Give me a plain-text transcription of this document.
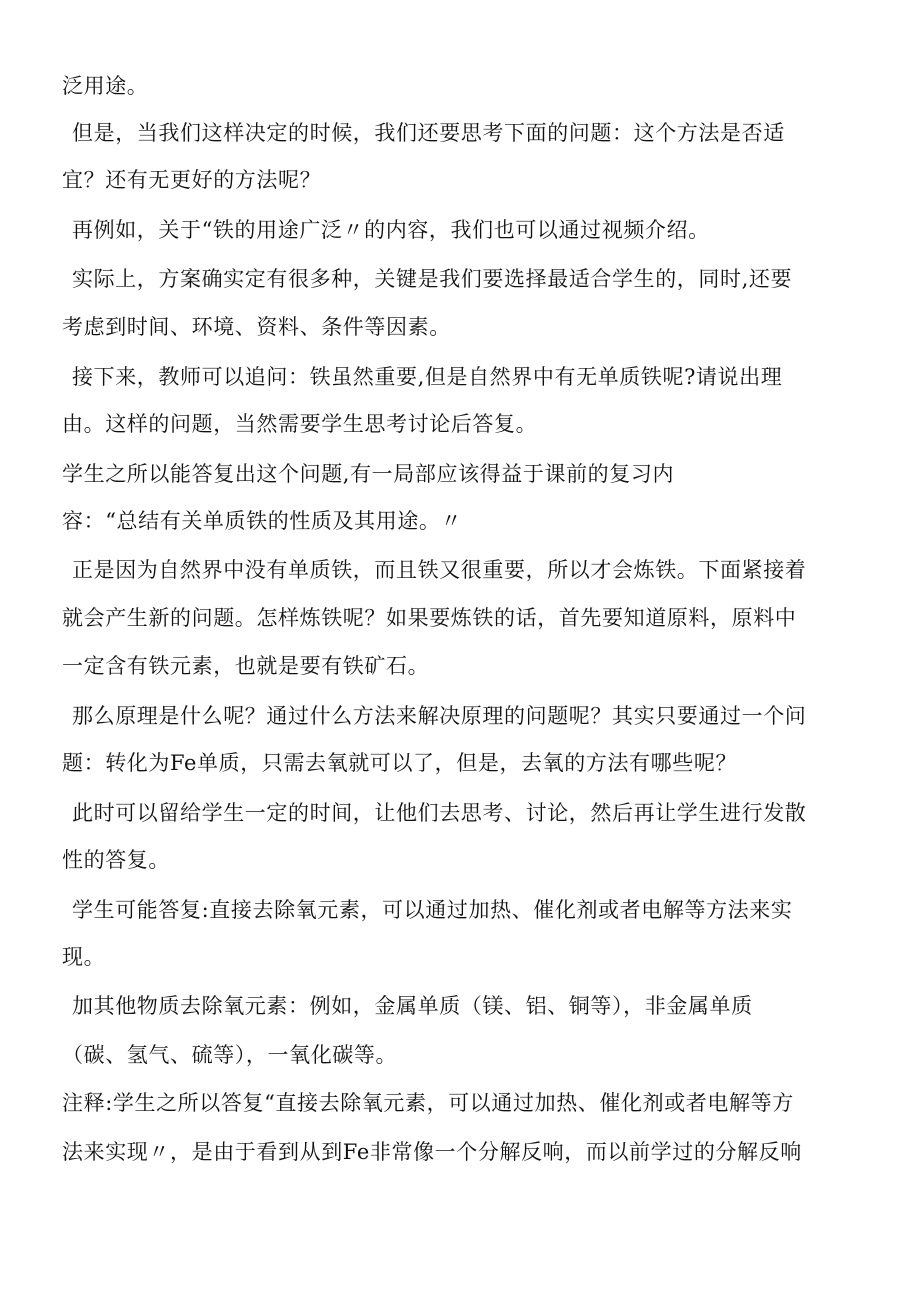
泛用途。

但是，当我们这样决定的时候，我们还要思考下面的问题：这个方法是否适

宜？还有无更好的方法呢？

再例如，关于“铁的用途广泛〃的内容，我们也可以通过视频介绍。

实际上，方案确实定有很多种，关键是我们要选择最适合学生的，同时,还要

考虑到时间、环境、资料、条件等因素。

接下来，教师可以追问：铁虽然重要,但是自然界中有无单质铁呢?请说出理

由。这样的问题，当然需要学生思考讨论后答复。

学生之所以能答复出这个问题,有一局部应该得益于课前的复习内

容：“总结有关单质铁的性质及其用途。〃

正是因为自然界中没有单质铁，而且铁又很重要，所以才会炼铁。下面紧接着

就会产生新的问题。怎样炼铁呢？如果要炼铁的话，首先要知道原料，原料中

一定含有铁元素，也就是要有铁矿石。

那么原理是什么呢？通过什么方法来解决原理的问题呢？其实只要通过一个问

题：转化为Fe单质，只需去氧就可以了，但是，去氧的方法有哪些呢？

此时可以留给学生一定的时间，让他们去思考、讨论，然后再让学生进行发散

性的答复。

学生可能答复:直接去除氧元素，可以通过加热、催化剂或者电解等方法来实

现。

加其他物质去除氧元素：例如，金属单质（镁、铝、铜等），非金属单质

（碳、氢气、硫等），一氧化碳等。

注释:学生之所以答复“直接去除氧元素，可以通过加热、催化剂或者电解等方

法来实现〃，是由于看到从到Fe非常像一个分解反响，而以前学过的分解反响
